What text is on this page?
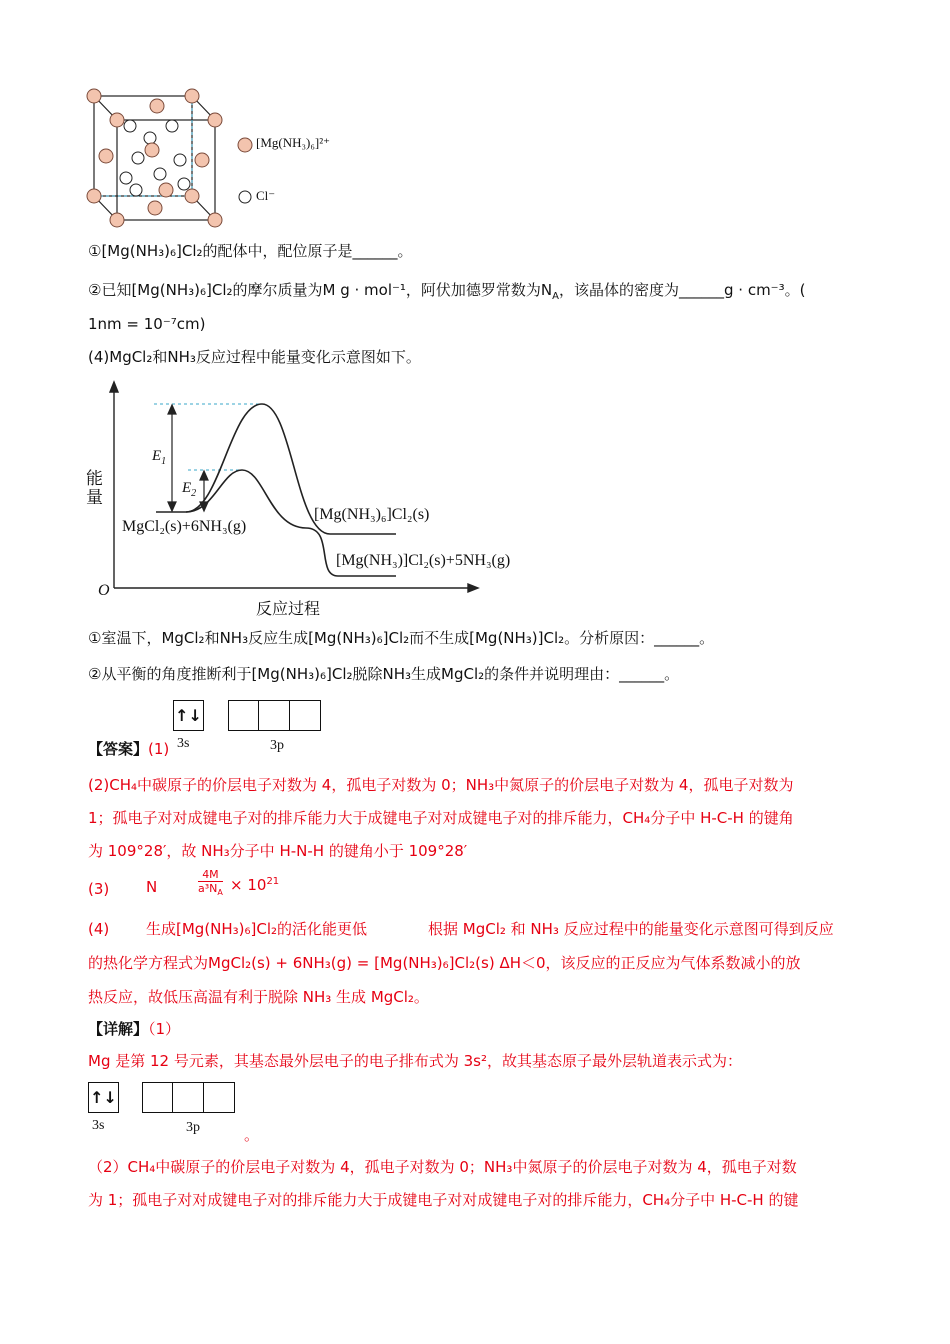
[Mg(NH₃)₆]²⁺
Cl⁻
①[Mg(NH₃)₆]Cl₂的配体中，配位原子是______。
②已知[Mg(NH₃)₆]Cl₂的摩尔质量为M g · mol⁻¹，阿伏加德罗常数为$N_A$，该晶体的密度为______g · cm⁻³。(
1nm = 10⁻⁷cm)
(4)MgCl₂和NH₃反应过程中能量变化示意图如下。
能
量
O
反应过程
$E_1$
$E_2$
MgCl₂(s)+6NH₃(g)
[Mg(NH₃)₆]Cl₂(s)
[Mg(NH₃)]Cl₂(s)+5NH₃(g)
①室温下，MgCl₂和NH₃反应生成[Mg(NH₃)₆]Cl₂而不生成[Mg(NH₃)]Cl₂。分析原因：______。
②从平衡的角度推断利于[Mg(NH₃)₆]Cl₂脱除NH₃生成MgCl₂的条件并说明理由：______。
↑↓
3s	3p
【答案】(1)
(2)CH₄中碳原子的价层电子对数为 4，孤电子对数为 0；NH₃中氮原子的价层电子对数为 4，孤电子对数为
1；孤电子对对成键电子对的排斥能力大于成键电子对对成键电子对的排斥能力，CH₄分子中 H-C-H 的键角
为 109°28′，故 NH₃分子中 H-N-H 的键角小于 109°28′
(3) N	$\frac{4M}{a^3N_A} \times 10^{21}$
(4) 生成[Mg(NH₃)₆]Cl₂的活化能更低	根据 MgCl₂ 和 NH₃ 反应过程中的能量变化示意图可得到反应
的热化学方程式为MgCl₂(s) + 6NH₃(g) = [Mg(NH₃)₆]Cl₂(s) ΔH＜0，该反应的正反应为气体系数减小的放
热反应，故低压高温有利于脱除 NH₃ 生成 MgCl₂。
【详解】（1）
Mg 是第 12 号元素，其基态最外层电子的电子排布式为 3s²，故其基态原子最外层轨道表示式为：
↑↓
3s	3p	。
（2）CH₄中碳原子的价层电子对数为 4，孤电子对数为 0；NH₃中氮原子的价层电子对数为 4，孤电子对数
为 1；孤电子对对成键电子对的排斥能力大于成键电子对对成键电子对的排斥能力，CH₄分子中 H-C-H 的键
